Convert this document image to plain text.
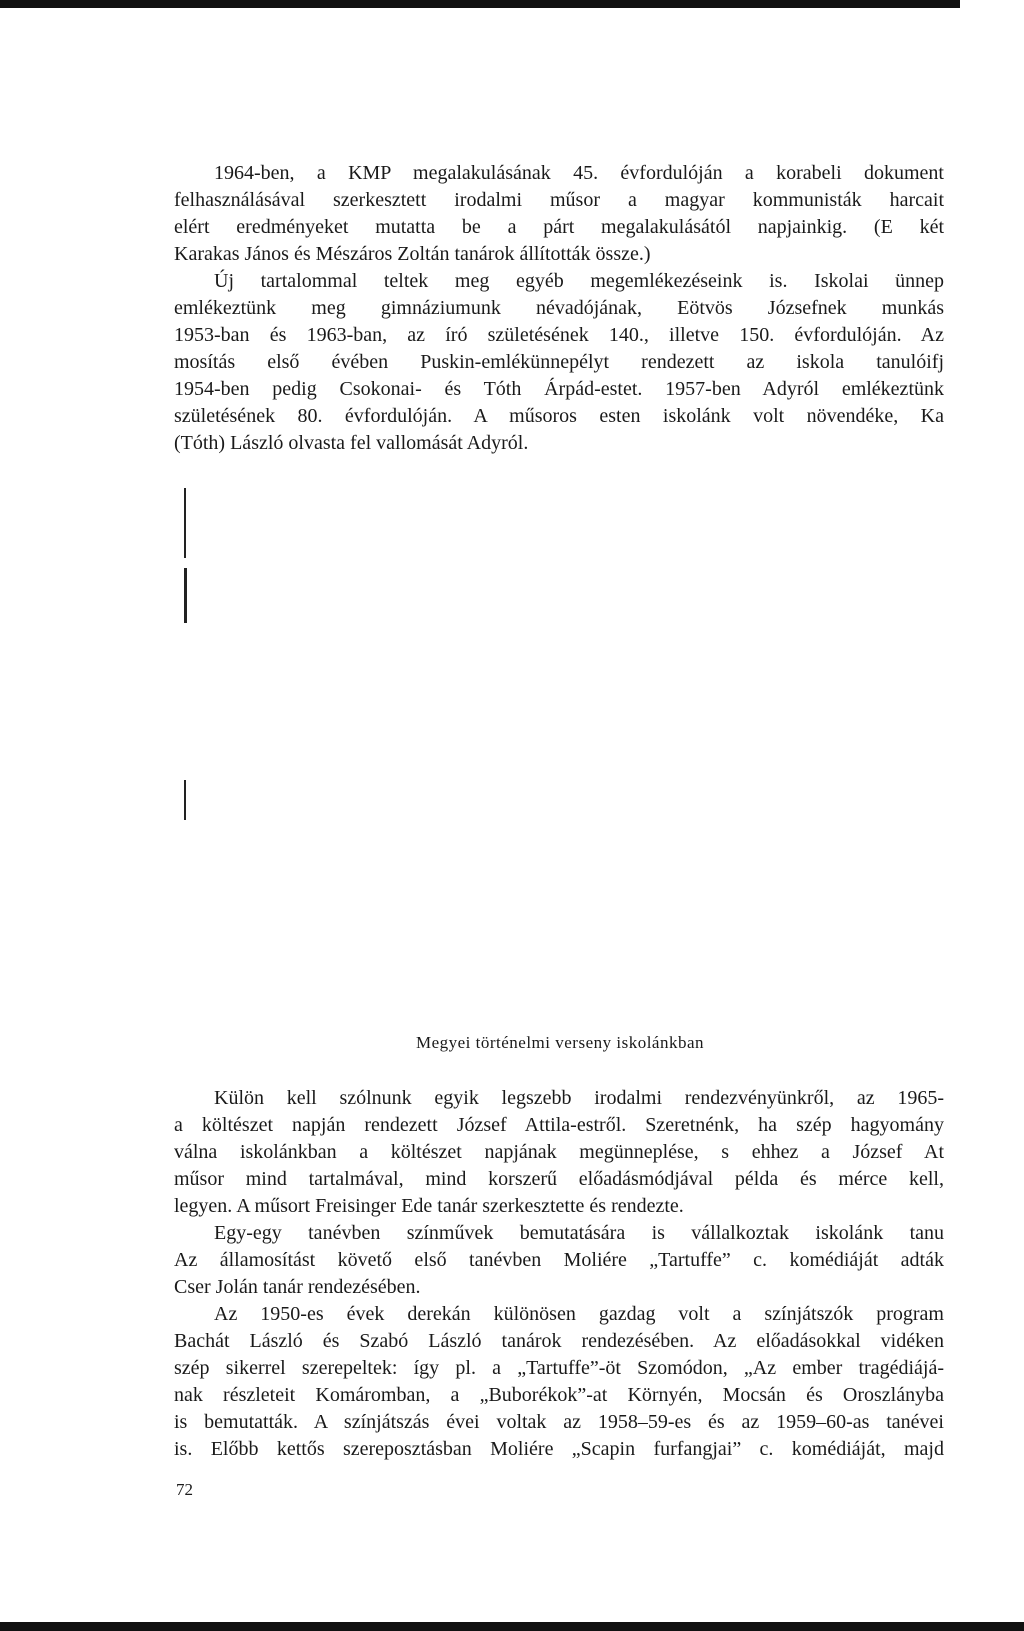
1964-ben, a KMP megalakulásának 45. évfordulóján a korabeli dokument
felhasználásával szerkesztett irodalmi műsor a magyar kommunisták harcait
elért eredményeket mutatta be a párt megalakulásától napjainkig. (E két
Karakas János és Mészáros Zoltán tanárok állították össze.)
Új tartalommal teltek meg egyéb megemlékezéseink is. Iskolai ünnep
emlékeztünk meg gimnáziumunk névadójának, Eötvös Józsefnek munkás
1953-ban és 1963-ban, az író születésének 140., illetve 150. évfordulóján. Az
mosítás első évében Puskin-emlékünnepélyt rendezett az iskola tanulóifj
1954-ben pedig Csokonai- és Tóth Árpád-estet. 1957-ben Adyról emlékeztünk
születésének 80. évfordulóján. A műsoros esten iskolánk volt növendéke, Ka
(Tóth) László olvasta fel vallomását Adyról.

Megyei történelmi verseny iskolánkban

Külön kell szólnunk egyik legszebb irodalmi rendezvényünkről, az 1965-
a költészet napján rendezett József Attila-estről. Szeretnénk, ha szép hagyomány
válna iskolánkban a költészet napjának megünneplése, s ehhez a József At
műsor mind tartalmával, mind korszerű előadásmódjával példa és mérce kell,
legyen. A műsort Freisinger Ede tanár szerkesztette és rendezte.
Egy-egy tanévben színművek bemutatására is vállalkoztak iskolánk tanu
Az államosítást követő első tanévben Moliére „Tartuffe” c. komédiáját adták
Cser Jolán tanár rendezésében.
Az 1950-es évek derekán különösen gazdag volt a színjátszók program
Bachát László és Szabó László tanárok rendezésében. Az előadásokkal vidéken
szép sikerrel szerepeltek: így pl. a „Tartuffe”-öt Szomódon, „Az ember tragédiájá-
nak részleteit Komáromban, a „Buborékok”-at Környén, Mocsán és Oroszlányba
is bemutatták. A színjátszás évei voltak az 1958–59-es és az 1959–60-as tanévei
is. Előbb kettős szereposztásban Moliére „Scapin furfangjai” c. komédiáját, majd

72
